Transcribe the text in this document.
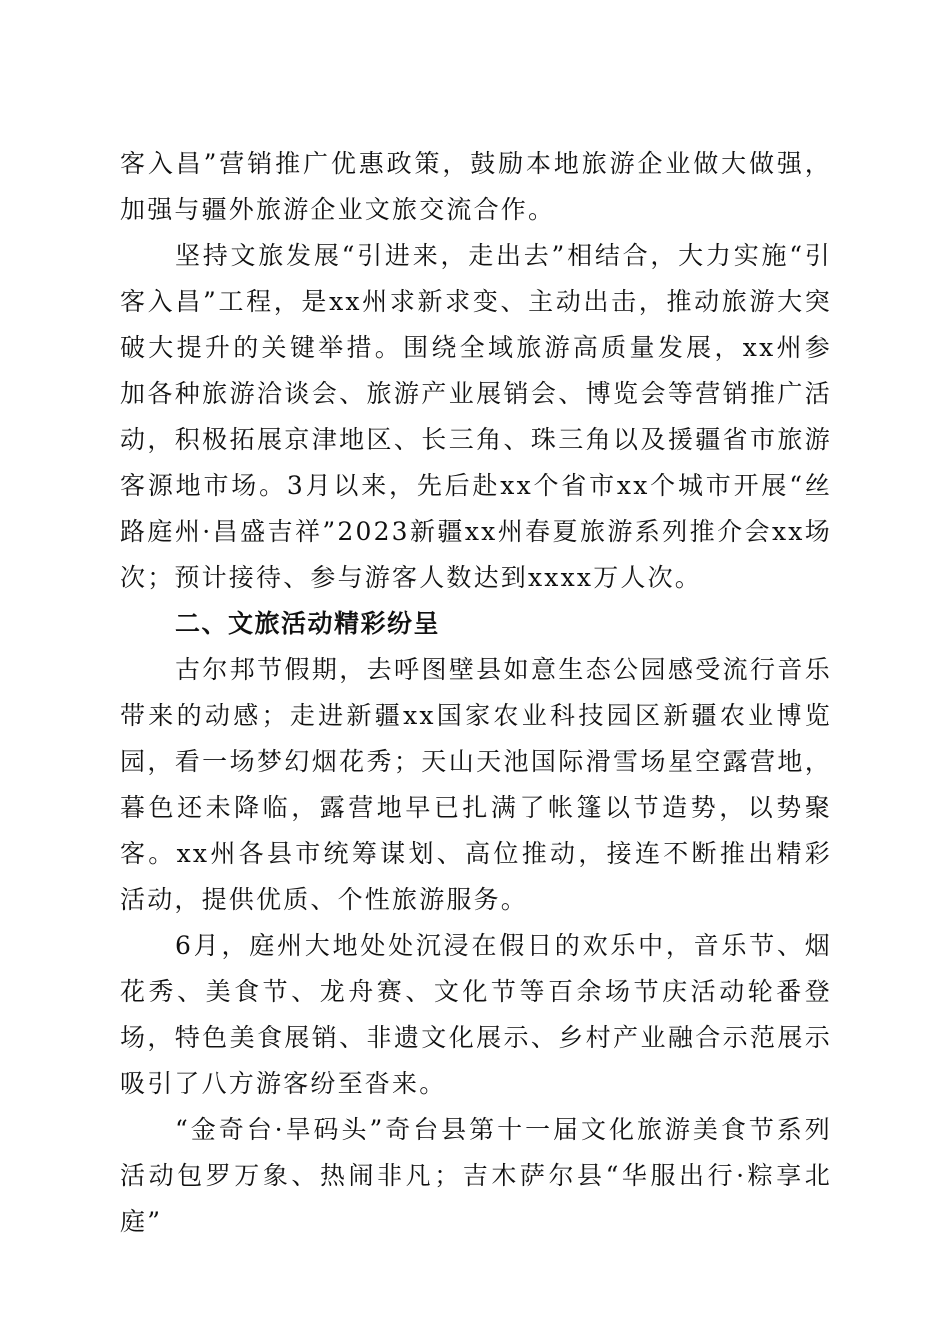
客入昌”营销推广优惠政策，鼓励本地旅游企业做大做强，加强与疆外旅游企业文旅交流合作。

坚持文旅发展“引进来，走出去”相结合，大力实施“引客入昌”工程，是xx州求新求变、主动出击，推动旅游大突破大提升的关键举措。围绕全域旅游高质量发展，xx州参加各种旅游洽谈会、旅游产业展销会、博览会等营销推广活动，积极拓展京津地区、长三角、珠三角以及援疆省市旅游客源地市场。3月以来，先后赴xx个省市xx个城市开展“丝路庭州·昌盛吉祥”2023新疆xx州春夏旅游系列推介会xx场次；预计接待、参与游客人数达到xxxx万人次。

二、文旅活动精彩纷呈

古尔邦节假期，去呼图壁县如意生态公园感受流行音乐带来的动感；走进新疆xx国家农业科技园区新疆农业博览园，看一场梦幻烟花秀；天山天池国际滑雪场星空露营地，暮色还未降临，露营地早已扎满了帐篷以节造势，以势聚客。xx州各县市统筹谋划、高位推动，接连不断推出精彩活动，提供优质、个性旅游服务。

6月，庭州大地处处沉浸在假日的欢乐中，音乐节、烟花秀、美食节、龙舟赛、文化节等百余场节庆活动轮番登场，特色美食展销、非遗文化展示、乡村产业融合示范展示吸引了八方游客纷至沓来。

“金奇台·旱码头”奇台县第十一届文化旅游美食节系列活动包罗万象、热闹非凡；吉木萨尔县“华服出行·粽享北庭”
